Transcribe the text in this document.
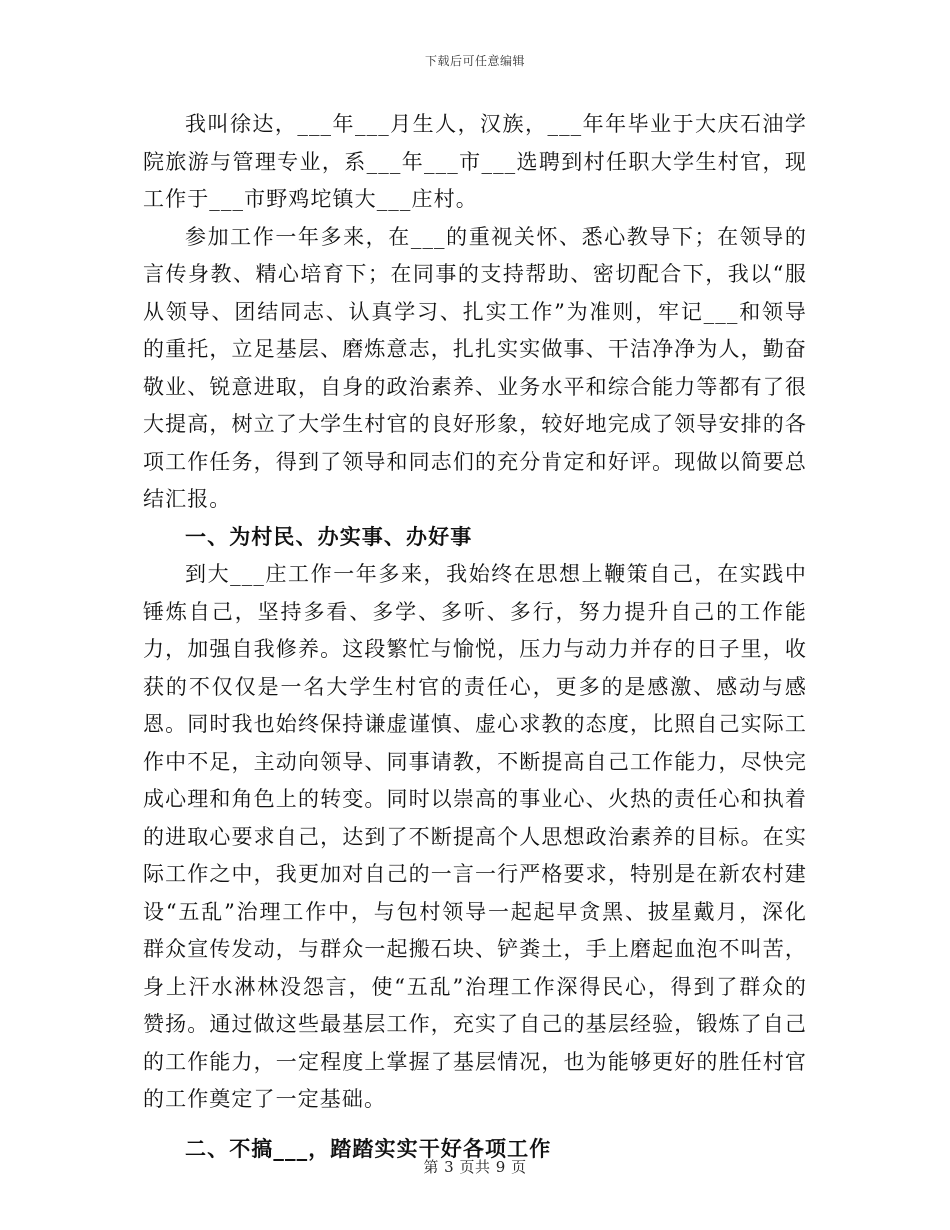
下载后可任意编辑

我叫徐达，___年___月生人，汉族，___年年毕业于大庆石油学院旅游与管理专业，系___年___市___选聘到村任职大学生村官，现工作于___市野鸡坨镇大___庄村。

参加工作一年多来，在___的重视关怀、悉心教导下；在领导的言传身教、精心培育下；在同事的支持帮助、密切配合下，我以“服从领导、团结同志、认真学习、扎实工作”为准则，牢记___和领导的重托，立足基层、磨炼意志，扎扎实实做事、干洁净净为人，勤奋敬业、锐意进取，自身的政治素养、业务水平和综合能力等都有了很大提高，树立了大学生村官的良好形象，较好地完成了领导安排的各项工作任务，得到了领导和同志们的充分肯定和好评。现做以简要总结汇报。

一、为村民、办实事、办好事

到大___庄工作一年多来，我始终在思想上鞭策自己，在实践中锤炼自己，坚持多看、多学、多听、多行，努力提升自己的工作能力，加强自我修养。这段繁忙与愉悦，压力与动力并存的日子里，收获的不仅仅是一名大学生村官的责任心，更多的是感激、感动与感恩。同时我也始终保持谦虚谨慎、虚心求教的态度，比照自己实际工作中不足，主动向领导、同事请教，不断提高自己工作能力，尽快完成心理和角色上的转变。同时以崇高的事业心、火热的责任心和执着的进取心要求自己，达到了不断提高个人思想政治素养的目标。在实际工作之中，我更加对自己的一言一行严格要求，特别是在新农村建设“五乱”治理工作中，与包村领导一起起早贪黑、披星戴月，深化群众宣传发动，与群众一起搬石块、铲粪土，手上磨起血泡不叫苦，身上汗水淋林没怨言，使“五乱”治理工作深得民心，得到了群众的赞扬。通过做这些最基层工作，充实了自己的基层经验，锻炼了自己的工作能力，一定程度上掌握了基层情况，也为能够更好的胜任村官的工作奠定了一定基础。

二、不搞___，踏踏实实干好各项工作

第 3 页共 9 页
